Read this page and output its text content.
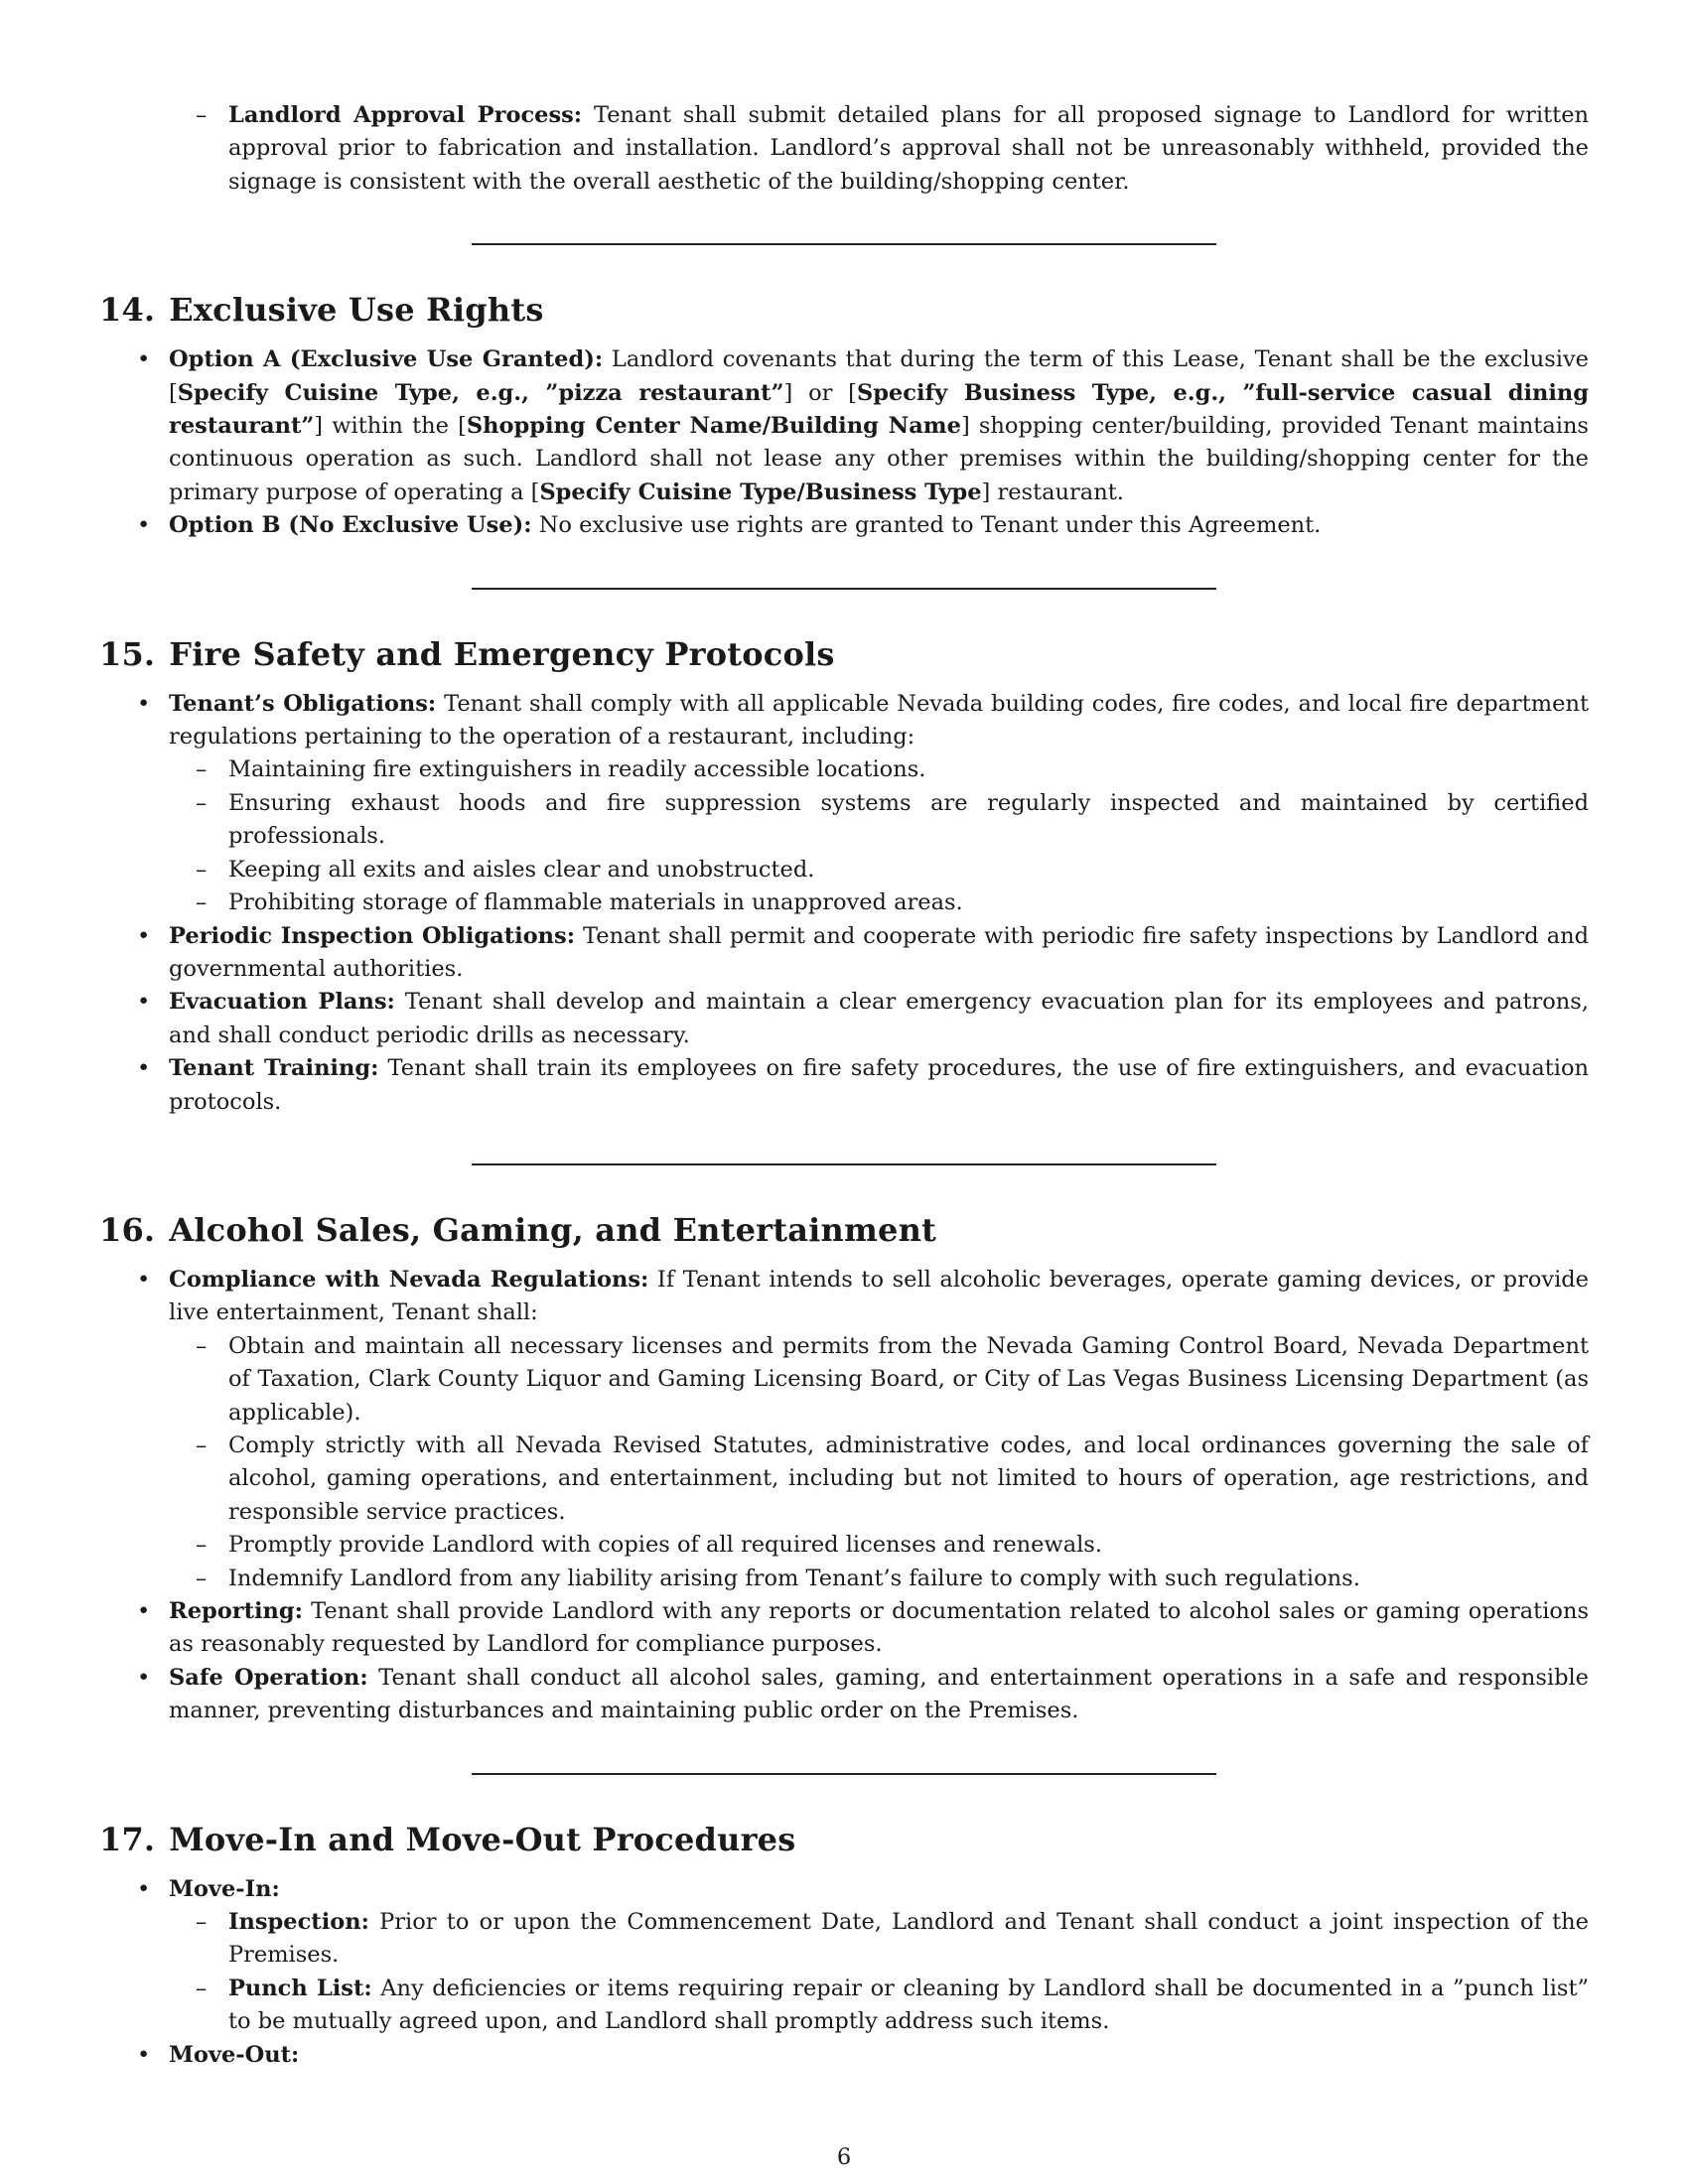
– Landlord Approval Process: Tenant shall submit detailed plans for all proposed signage to Landlord for written approval prior to fabrication and installation. Landlord’s approval shall not be unreasonably withheld, provided the signage is consistent with the overall aesthetic of the building/shopping center.

14. Exclusive Use Rights
• Option A (Exclusive Use Granted): Landlord covenants that during the term of this Lease, Tenant shall be the exclusive [Specify Cuisine Type, e.g., ”pizza restaurant”] or [Specify Business Type, e.g., ”full-service casual dining restaurant”] within the [Shopping Center Name/Building Name] shopping center/building, provided Tenant maintains continuous operation as such. Landlord shall not lease any other premises within the building/shopping center for the primary purpose of operating a [Specify Cuisine Type/Business Type] restaurant.

• Option B (No Exclusive Use): No exclusive use rights are granted to Tenant under this Agreement.

15. Fire Safety and Emergency Protocols
• Tenant’s Obligations: Tenant shall comply with all applicable Nevada building codes, fire codes, and local fire department regulations pertaining to the operation of a restaurant, including:

– Maintaining fire extinguishers in readily accessible locations.

– Ensuring exhaust hoods and fire suppression systems are regularly inspected and maintained by certified professionals.

– Keeping all exits and aisles clear and unobstructed.

– Prohibiting storage of flammable materials in unapproved areas.

• Periodic Inspection Obligations: Tenant shall permit and cooperate with periodic fire safety inspections by Landlord and governmental authorities.

• Evacuation Plans: Tenant shall develop and maintain a clear emergency evacuation plan for its employees and patrons, and shall conduct periodic drills as necessary.

• Tenant Training: Tenant shall train its employees on fire safety procedures, the use of fire extinguishers, and evacuation protocols.

16. Alcohol Sales, Gaming, and Entertainment
• Compliance with Nevada Regulations: If Tenant intends to sell alcoholic beverages, operate gaming devices, or provide live entertainment, Tenant shall:

– Obtain and maintain all necessary licenses and permits from the Nevada Gaming Control Board, Nevada Department of Taxation, Clark County Liquor and Gaming Licensing Board, or City of Las Vegas Business Licensing Department (as applicable).

– Comply strictly with all Nevada Revised Statutes, administrative codes, and local ordinances governing the sale of alcohol, gaming operations, and entertainment, including but not limited to hours of operation, age restrictions, and responsible service practices.

– Promptly provide Landlord with copies of all required licenses and renewals.

– Indemnify Landlord from any liability arising from Tenant’s failure to comply with such regulations.

• Reporting: Tenant shall provide Landlord with any reports or documentation related to alcohol sales or gaming operations as reasonably requested by Landlord for compliance purposes.

• Safe Operation: Tenant shall conduct all alcohol sales, gaming, and entertainment operations in a safe and responsible manner, preventing disturbances and maintaining public order on the Premises.

17. Move-In and Move-Out Procedures
• Move-In:

– Inspection: Prior to or upon the Commencement Date, Landlord and Tenant shall conduct a joint inspection of the Premises.

– Punch List: Any deficiencies or items requiring repair or cleaning by Landlord shall be documented in a ”punch list” to be mutually agreed upon, and Landlord shall promptly address such items.

• Move-Out:

6
